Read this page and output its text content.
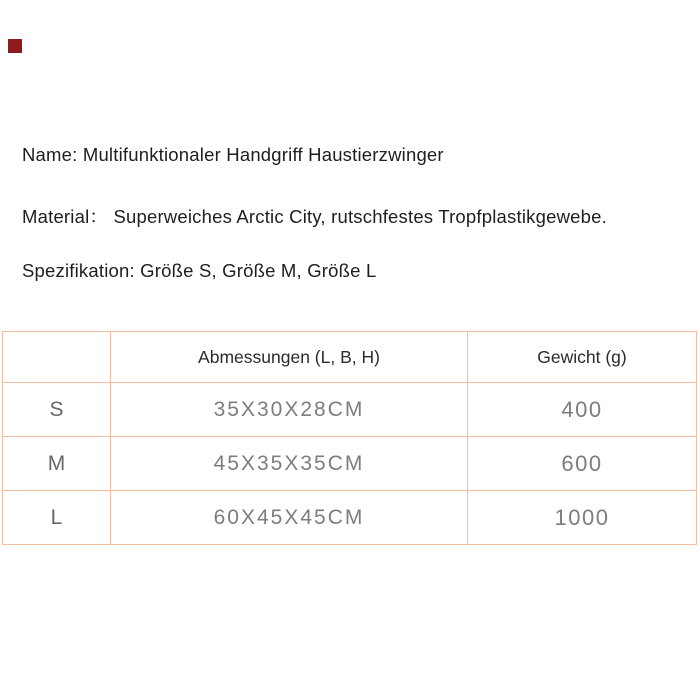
Name: Multifunktionaler Handgriff Haustierzwinger
Material： Superweiches Arctic City, rutschfestes Tropfplastikgewebe.
Spezifikation: Größe S, Größe M, Größe L
	Abmessungen (L, B, H)	Gewicht (g)
S	35X30X28CM	400
M	45X35X35CM	600
L	60X45X45CM	1000
